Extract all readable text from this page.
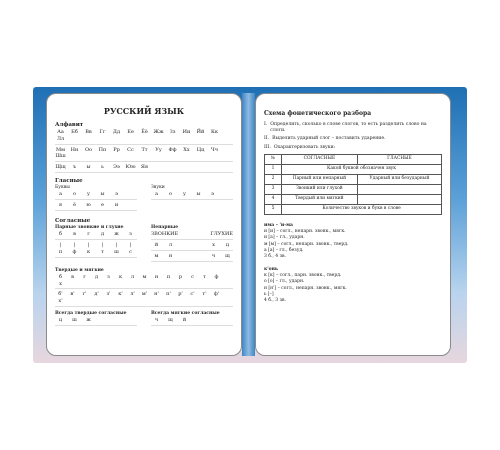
РУССКИЙ ЯЗЫК
Алфавит
Аа	Бб	Вв	Гг	Дд	Ее	Ёё	Жж	Зз	Ии	Йй	Кк
Лл
Мм	Нн	Оо	Пп	Рр	Сс	Тт	Уу	Фф	Хх	Цц	Чч
Шш
Щщ	ъ	ы	ь	Ээ	Юю	Яя
Гласные
Буквы
а	о	у	ы	э
я	ё	ю	е	и
Звуки
а	о	у	ы	э
Согласные
Парные звонкие и глухие
б	в	г	д	ж	з
|	|	|	|	|	|
п	ф	к	т	ш	с
Непарные
ЗВОНКИЕ	ГЛУХИЕ
й	л	х	ц
м	н	ч	щ
Твердые и мягкие
б	в	г	д	з	к	л	м	н	п	р	с	т	ф
х
б'	в'	г'	д'	з'	к'	л'	м'	н'	п'	р'	с'	т'	ф'
х'
Всегда твердые согласные
ц	ш	ж
Всегда мягкие согласные
ч	щ	й
Схема фонетического разбора
I. Определить, сколько в слове слогов, то есть разделить слово на слоги.
II. Выделить ударный слог – поставить ударение.
III. Охарактеризовать звуки:
№	СОГЛАСНЫЕ	ГЛАСНЫЕ
1	Какой буквой обозначен звук	
2	Парный или непарный	Ударный или безударный
3	Звонкий или глухой	
4	Твердый или мягкий	
5	Количество звуков и букв в слове	
има – 'и-ма
и [и] – согл., непарн. звонк., мягк.
и [а] – гл., ударн.
м [м] – согл., непарн. звонк., тверд.
а [а] – гл., безуд.
3 б., 4 зв.
к'онь
к [к] – согл., парн. звонк., тверд.
о [о] – гл., ударн.
н [н'] – согл., непарн. звонк., мягк.
ь [–]
4 б., 3 зв.
